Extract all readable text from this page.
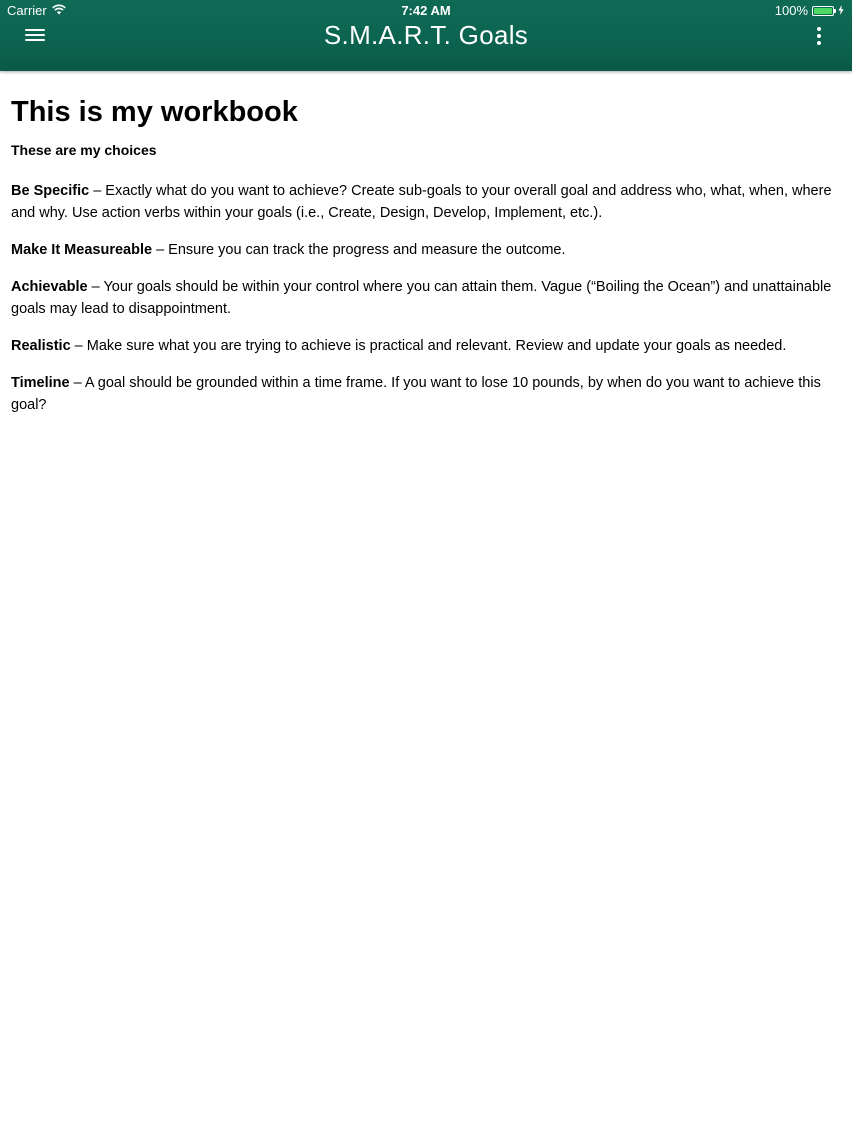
Carrier	7:42 AM	100%
S.M.A.R.T. Goals
This is my workbook

These are my choices

Be Specific – Exactly what do you want to achieve? Create sub-goals to your overall goal and address who, what, when, where and why. Use action verbs within your goals (i.e., Create, Design, Develop, Implement, etc.).

Make It Measureable – Ensure you can track the progress and measure the outcome.

Achievable – Your goals should be within your control where you can attain them. Vague (“Boiling the Ocean”) and unattainable goals may lead to disappointment.

Realistic – Make sure what you are trying to achieve is practical and relevant. Review and update your goals as needed.

Timeline – A goal should be grounded within a time frame. If you want to lose 10 pounds, by when do you want to achieve this goal?
